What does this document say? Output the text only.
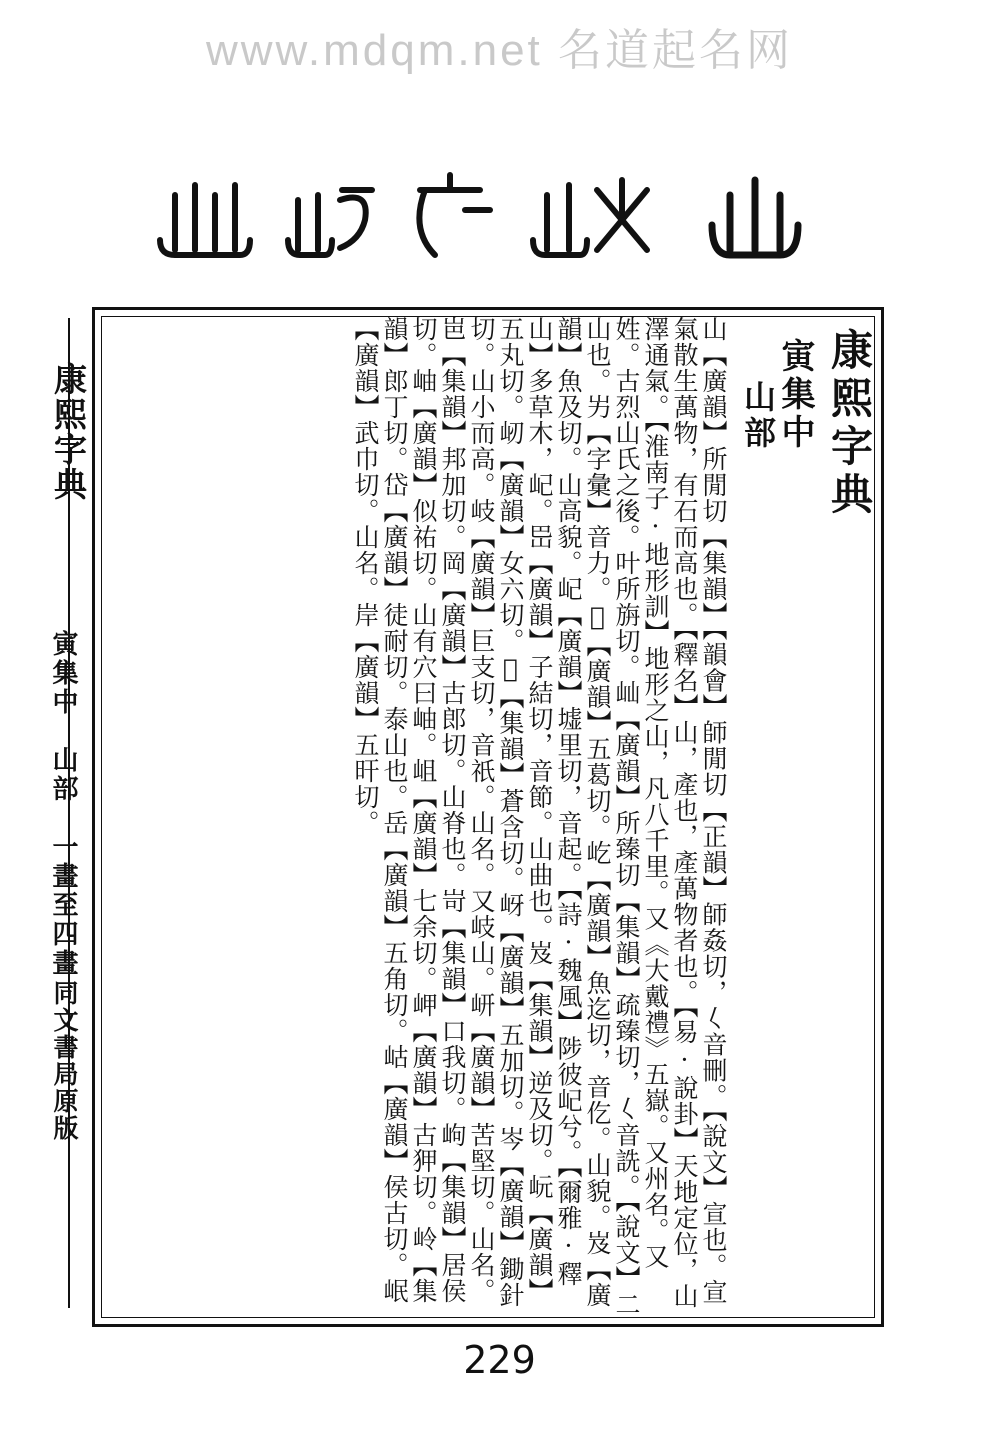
www.mdqm.net 名道起名网
康熙字典
寅集中
山部
山【廣韻】所閒切【集韻】【韻會】師閒切【正韻】師姦切，𡿨音刪。【說文】宣也。宣氣散生萬物，有石而高也。【釋名】山，產也，產萬物者也。【易·說卦】天地定位，山澤通氣。【淮南子·地形訓】地形之山，凡八千里。又《大戴禮》五嶽。又州名。又姓。古烈山氏之後。叶所旃切。屾【廣韻】所臻切【集韻】疏臻切，𡿨音詵。【說文】二山也。屴【字彙】音力。𡵂【廣韻】五葛切。屹【廣韻】魚迄切，音仡。山貌。岌【廣韻】魚及切。山高貌。屺【廣韻】墟里切，音起。【詩·魏風】陟彼屺兮。【爾雅·釋山】多草木，屺。岊【廣韻】子結切，音節。山曲也。岌【集韻】逆及切。岏【廣韻】五丸切。屻【廣韻】女六切。𡶊【集韻】蒼含切。岈【廣韻】五加切。岑【廣韻】鋤針切。山小而高。岐【廣韻】巨支切，音祇。山名。又岐山。岍【廣韻】苦堅切。山名。岜【集韻】邦加切。岡【廣韻】古郎切。山脊也。岢【集韻】口我切。岣【集韻】居侯切。岫【廣韻】似祐切。山有穴曰岫。岨【廣韻】七余切。岬【廣韻】古狎切。岭【集韻】郎丁切。岱【廣韻】徒耐切。泰山也。岳【廣韻】五角切。岵【廣韻】侯古切。岷【廣韻】武巾切。山名。岸【廣韻】五旰切。
康熙字典
寅集中　山部　一畫至四畫
同文書局原版
229
